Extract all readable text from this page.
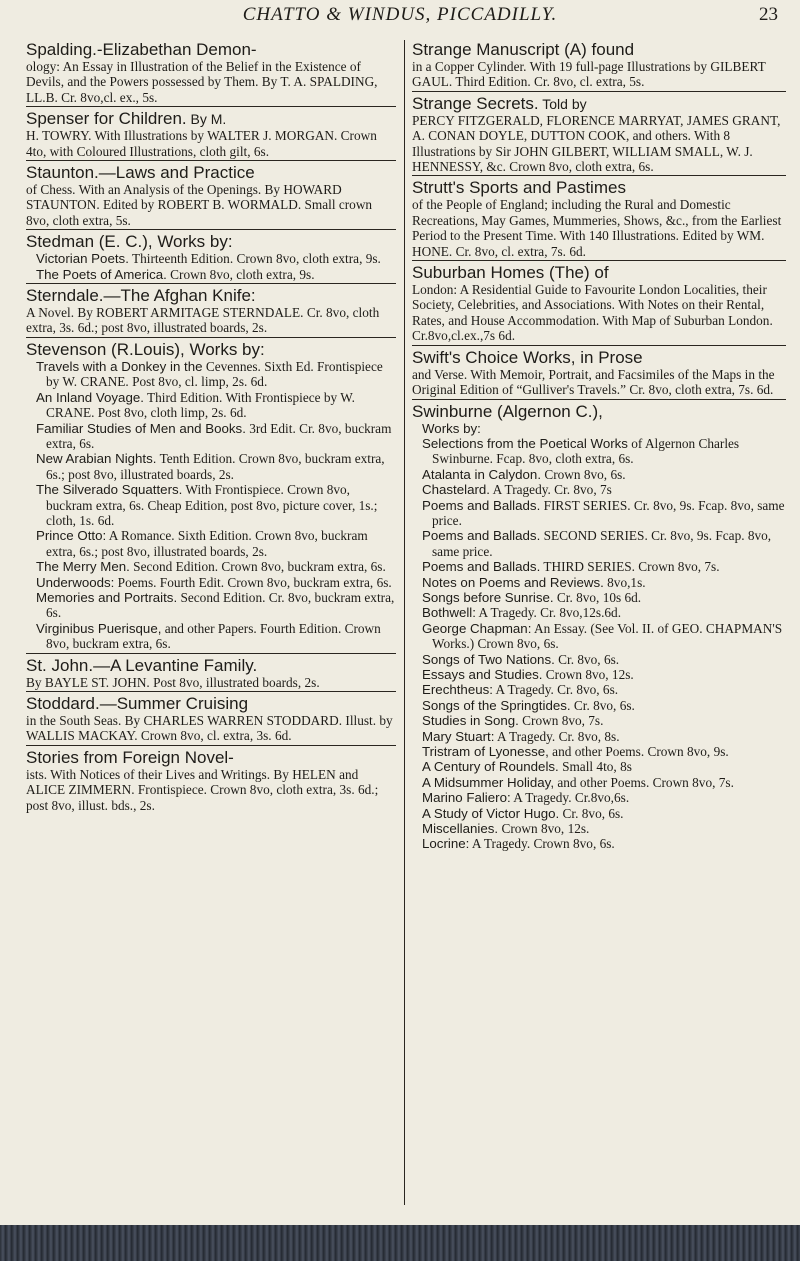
CHATTO & WINDUS, PICCADILLY.	23
Spalding.-Elizabethan Demon-
ology: An Essay in Illustration of the Belief in the Existence of Devils, and the Powers possessed by Them. By T. A. SPALDING, LL.B. Cr. 8vo,cl. ex., 5s.
Spenser for Children. By M.
H. TOWRY. With Illustrations by WALTER J. MORGAN. Crown 4to, with Coloured Illustrations, cloth gilt, 6s.
Staunton.—Laws and Practice
of Chess. With an Analysis of the Openings. By HOWARD STAUNTON. Edited by ROBERT B. WORMALD. Small crown 8vo, cloth extra, 5s.
Stedman (E. C.), Works by:
Victorian Poets. Thirteenth Edition. Crown 8vo, cloth extra, 9s.
The Poets of America. Crown 8vo, cloth extra, 9s.
Sterndale.—The Afghan Knife:
A Novel. By ROBERT ARMITAGE STERNDALE. Cr. 8vo, cloth extra, 3s. 6d.; post 8vo, illustrated boards, 2s.
Stevenson (R.Louis), Works by:
Travels with a Donkey in the Cevennes. Sixth Ed. Frontispiece by W. CRANE. Post 8vo, cl. limp, 2s. 6d.
An Inland Voyage. Third Edition. With Frontispiece by W. CRANE. Post 8vo, cloth limp, 2s. 6d.
Familiar Studies of Men and Books. 3rd Edit. Cr. 8vo, buckram extra, 6s.
New Arabian Nights. Tenth Edition. Crown 8vo, buckram extra, 6s.; post 8vo, illustrated boards, 2s.
The Silverado Squatters. With Frontispiece. Crown 8vo, buckram extra, 6s. Cheap Edition, post 8vo, picture cover, 1s.; cloth, 1s. 6d.
Prince Otto: A Romance. Sixth Edition. Crown 8vo, buckram extra, 6s.; post 8vo, illustrated boards, 2s.
The Merry Men. Second Edition. Crown 8vo, buckram extra, 6s.
Underwoods: Poems. Fourth Edit. Crown 8vo, buckram extra, 6s.
Memories and Portraits. Second Edition. Cr. 8vo, buckram extra, 6s.
Virginibus Puerisque, and other Papers. Fourth Edition. Crown 8vo, buckram extra, 6s.
St. John.—A Levantine Family.
By BAYLE ST. JOHN. Post 8vo, illustrated boards, 2s.
Stoddard.—Summer Cruising
in the South Seas. By CHARLES WARREN STODDARD. Illust. by WALLIS MACKAY. Crown 8vo, cl. extra, 3s. 6d.
Stories from Foreign Novel-
ists. With Notices of their Lives and Writings. By HELEN and ALICE ZIMMERN. Frontispiece. Crown 8vo, cloth extra, 3s. 6d.; post 8vo, illust. bds., 2s.
Strange Manuscript (A) found
in a Copper Cylinder. With 19 full-page Illustrations by GILBERT GAUL. Third Edition. Cr. 8vo, cl. extra, 5s.
Strange Secrets. Told by
PERCY FITZGERALD, FLORENCE MARRYAT, JAMES GRANT, A. CONAN DOYLE, DUTTON COOK, and others. With 8 Illustrations by Sir JOHN GILBERT, WILLIAM SMALL, W. J. HENNESSY, &c. Crown 8vo, cloth extra, 6s.
Strutt's Sports and Pastimes
of the People of England; including the Rural and Domestic Recreations, May Games, Mummeries, Shows, &c., from the Earliest Period to the Present Time. With 140 Illustrations. Edited by WM. HONE. Cr. 8vo, cl. extra, 7s. 6d.
Suburban Homes (The) of
London: A Residential Guide to Favourite London Localities, their Society, Celebrities, and Associations. With Notes on their Rental, Rates, and House Accommodation. With Map of Suburban London. Cr.8vo,cl.ex.,7s 6d.
Swift's Choice Works, in Prose
and Verse. With Memoir, Portrait, and Facsimiles of the Maps in the Original Edition of “Gulliver's Travels.” Cr. 8vo, cloth extra, 7s. 6d.
Swinburne (Algernon C.),
Works by:
Selections from the Poetical Works of Algernon Charles Swinburne. Fcap. 8vo, cloth extra, 6s.
Atalanta in Calydon. Crown 8vo, 6s.
Chastelard. A Tragedy. Cr. 8vo, 7s
Poems and Ballads. FIRST SERIES. Cr. 8vo, 9s. Fcap. 8vo, same price.
Poems and Ballads. SECOND SERIES. Cr. 8vo, 9s. Fcap. 8vo, same price.
Poems and Ballads. THIRD SERIES. Crown 8vo, 7s.
Notes on Poems and Reviews. 8vo,1s.
Songs before Sunrise. Cr. 8vo, 10s 6d.
Bothwell: A Tragedy. Cr. 8vo,12s.6d.
George Chapman: An Essay. (See Vol. II. of GEO. CHAPMAN'S Works.) Crown 8vo, 6s.
Songs of Two Nations. Cr. 8vo, 6s.
Essays and Studies. Crown 8vo, 12s.
Erechtheus: A Tragedy. Cr. 8vo, 6s.
Songs of the Springtides. Cr. 8vo, 6s.
Studies in Song. Crown 8vo, 7s.
Mary Stuart: A Tragedy. Cr. 8vo, 8s.
Tristram of Lyonesse, and other Poems. Crown 8vo, 9s.
A Century of Roundels. Small 4to, 8s
A Midsummer Holiday, and other Poems. Crown 8vo, 7s.
Marino Faliero: A Tragedy. Cr.8vo,6s.
A Study of Victor Hugo. Cr. 8vo, 6s.
Miscellanies. Crown 8vo, 12s.
Locrine: A Tragedy. Crown 8vo, 6s.
